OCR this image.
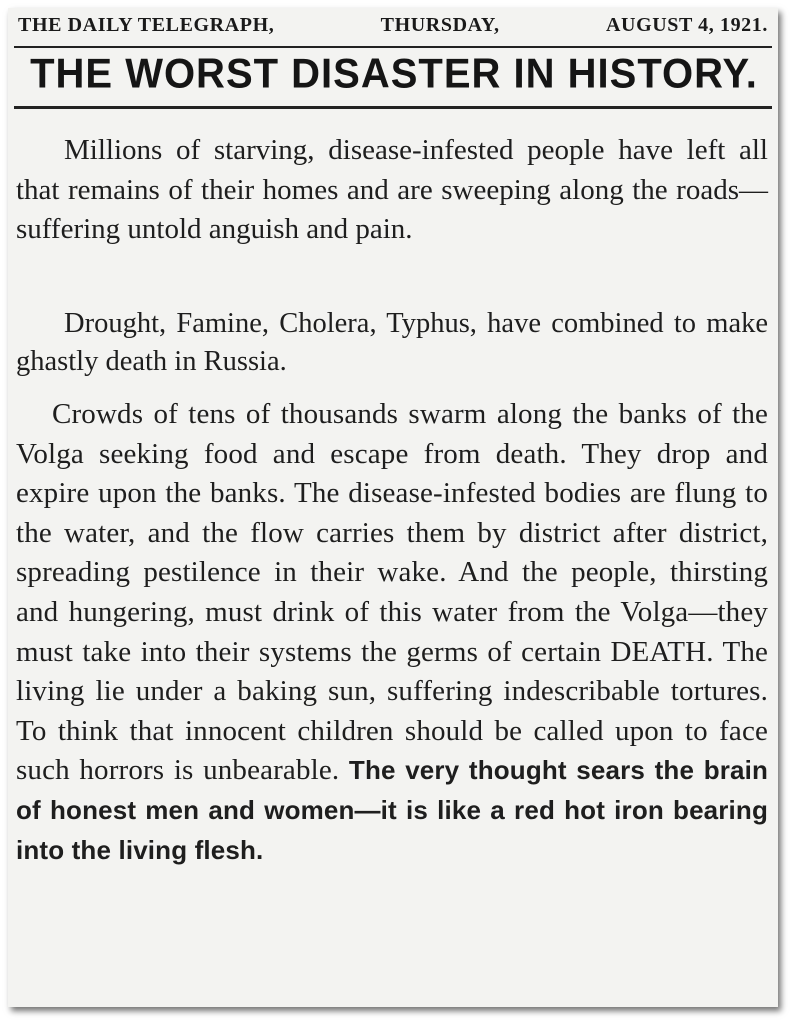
THE DAILY TELEGRAPH,	THURSDAY,	AUGUST 4, 1921.
THE WORST DISASTER IN HISTORY.

Millions of starving, disease-infested people have left all that remains of their homes and are sweeping along the roads—suffering untold anguish and pain.

Drought, Famine, Cholera, Typhus, have combined to make ghastly death in Russia.

Crowds of tens of thousands swarm along the banks of the Volga seeking food and escape from death. They drop and expire upon the banks. The disease-infested bodies are flung to the water, and the flow carries them by district after district, spreading pestilence in their wake. And the people, thirsting and hungering, must drink of this water from the Volga—they must take into their systems the germs of certain DEATH. The living lie under a baking sun, suffering indescribable tortures. To think that innocent children should be called upon to face such horrors is unbearable. The very thought sears the brain of honest men and women—it is like a red hot iron bearing into the living flesh.
